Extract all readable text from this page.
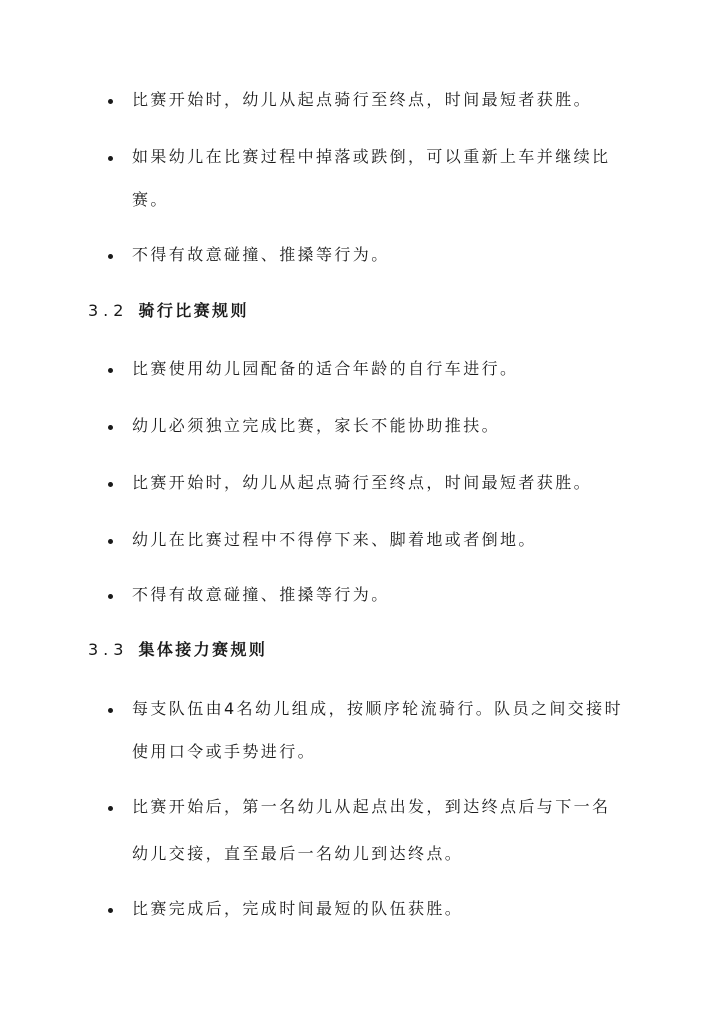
比赛开始时，幼儿从起点骑行至终点，时间最短者获胜。
如果幼儿在比赛过程中掉落或跌倒，可以重新上车并继续比
赛。
不得有故意碰撞、推搡等行为。
3.2 骑行比赛规则
比赛使用幼儿园配备的适合年龄的自行车进行。
幼儿必须独立完成比赛，家长不能协助推扶。
比赛开始时，幼儿从起点骑行至终点，时间最短者获胜。
幼儿在比赛过程中不得停下来、脚着地或者倒地。
不得有故意碰撞、推搡等行为。
3.3 集体接力赛规则
每支队伍由4名幼儿组成，按顺序轮流骑行。队员之间交接时
使用口令或手势进行。
比赛开始后，第一名幼儿从起点出发，到达终点后与下一名
幼儿交接，直至最后一名幼儿到达终点。
比赛完成后，完成时间最短的队伍获胜。
